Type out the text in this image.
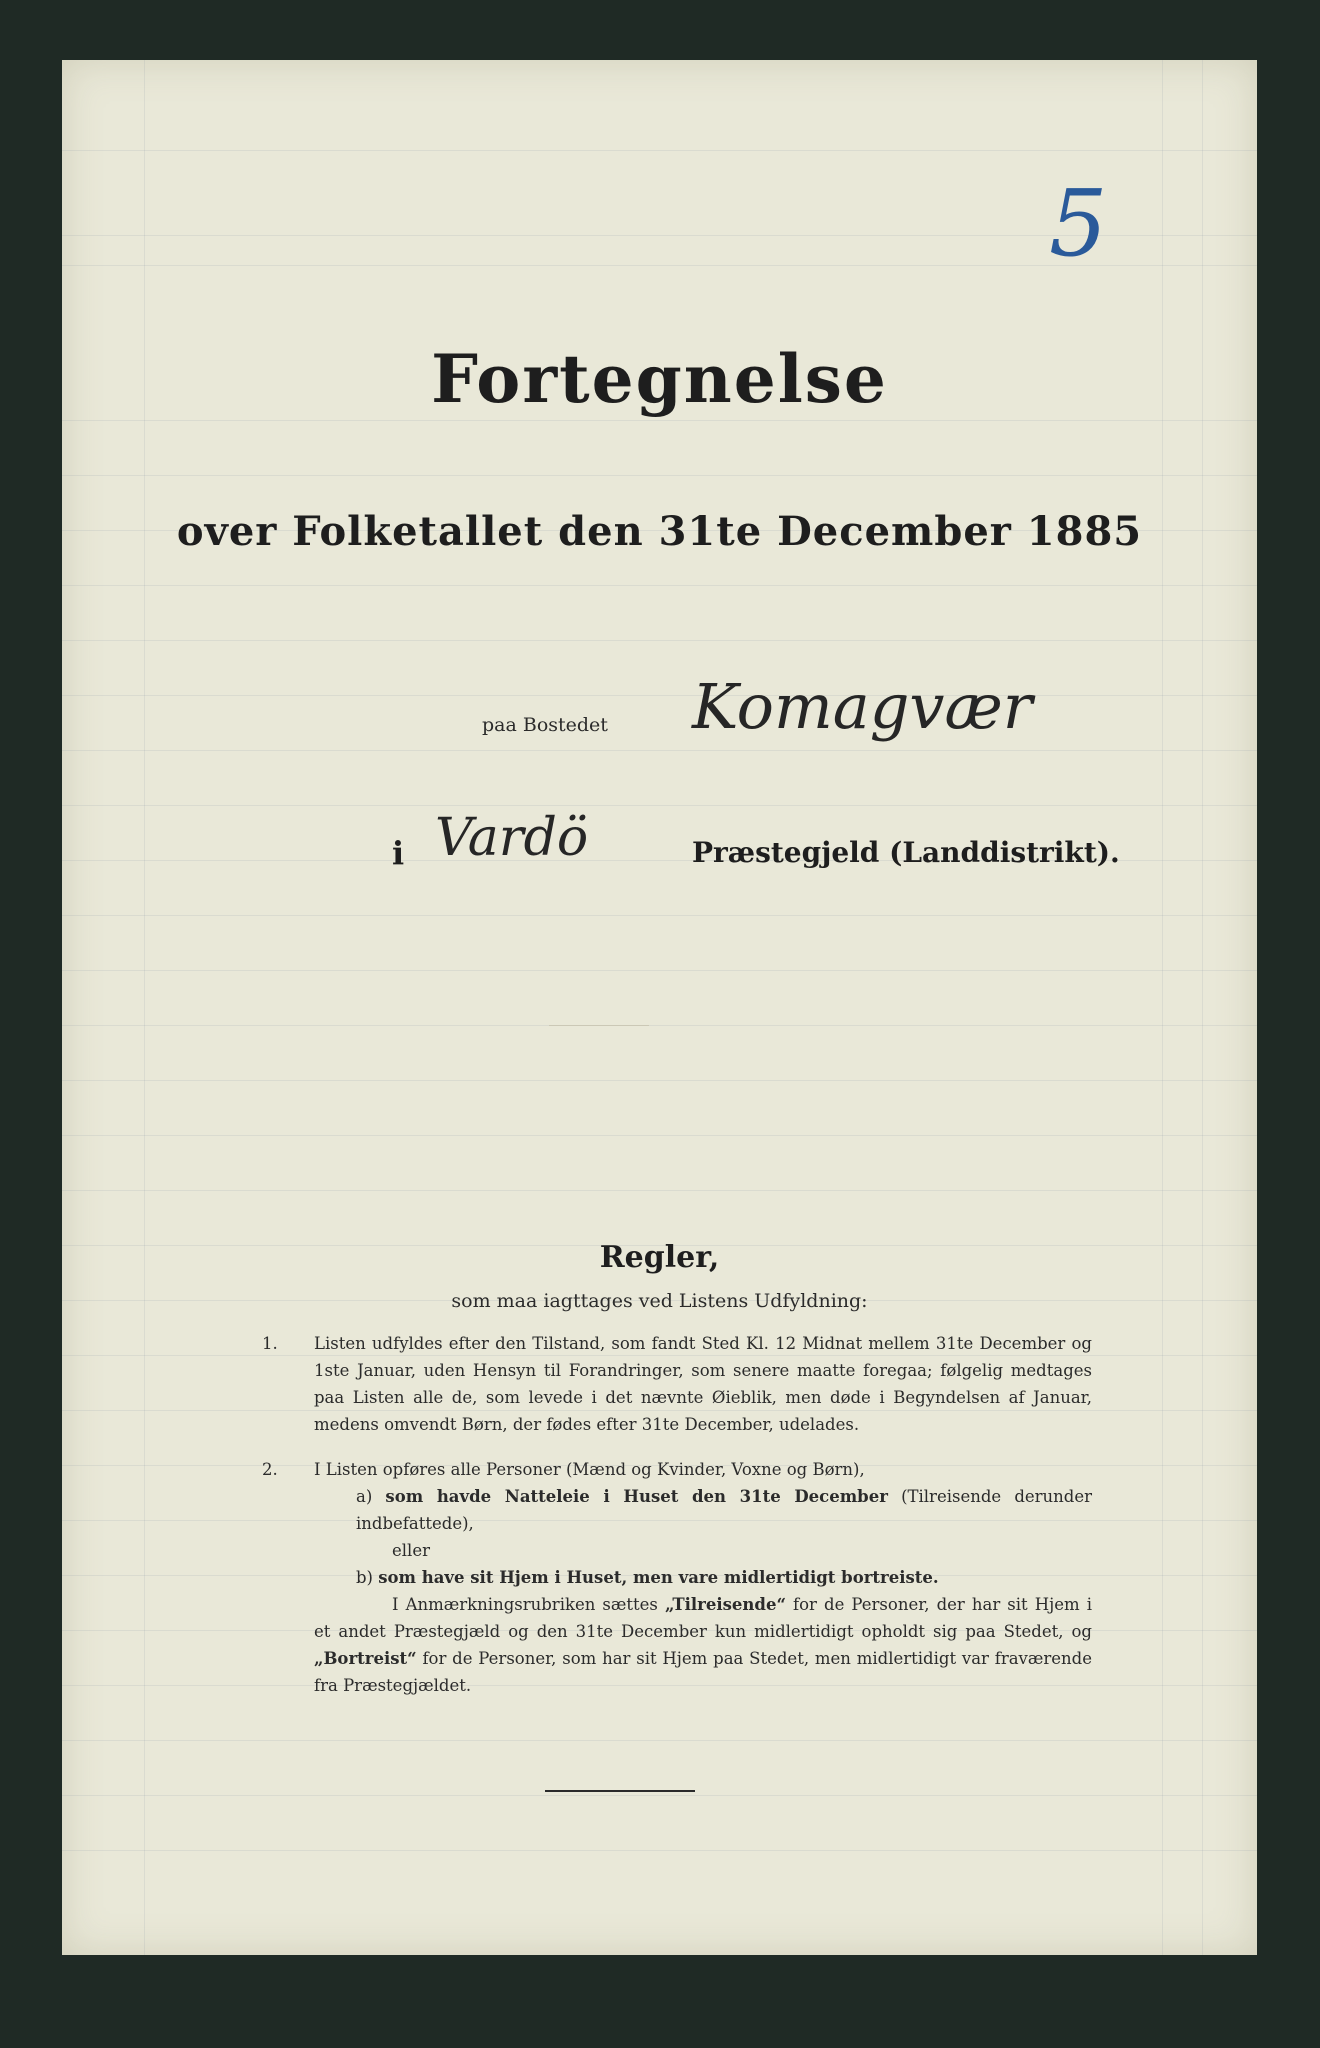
5
Fortegnelse
over Folketallet den 31te December 1885
paa Bostedet Komagvær
i Vardö	Præstegjeld (Landdistrikt).
Regler,
som maa iagttages ved Listens Udfyldning:
1. Listen udfyldes efter den Tilstand, som fandt Sted Kl. 12 Midnat mellem 31te December og 1ste Januar, uden Hensyn til Forandringer, som senere maatte foregaa; følgelig medtages paa Listen alle de, som levede i det nævnte Øieblik, men døde i Begyndelsen af Januar, medens omvendt Børn, der fødes efter 31te December, udelades.

2. I Listen opføres alle Personer (Mænd og Kvinder, Voxne og Børn),

a) som havde Natteleie i Huset den 31te December (Tilreisende derunder indbefattede),

eller

b) som have sit Hjem i Huset, men vare midlertidigt bortreiste.

I Anmærkningsrubriken sættes „Tilreisende“ for de Personer, der har sit Hjem i et andet Præstegjæld og den 31te December kun midlertidigt opholdt sig paa Stedet, og „Bortreist“ for de Personer, som har sit Hjem paa Stedet, men midlertidigt var fraværende fra Præstegjældet.
